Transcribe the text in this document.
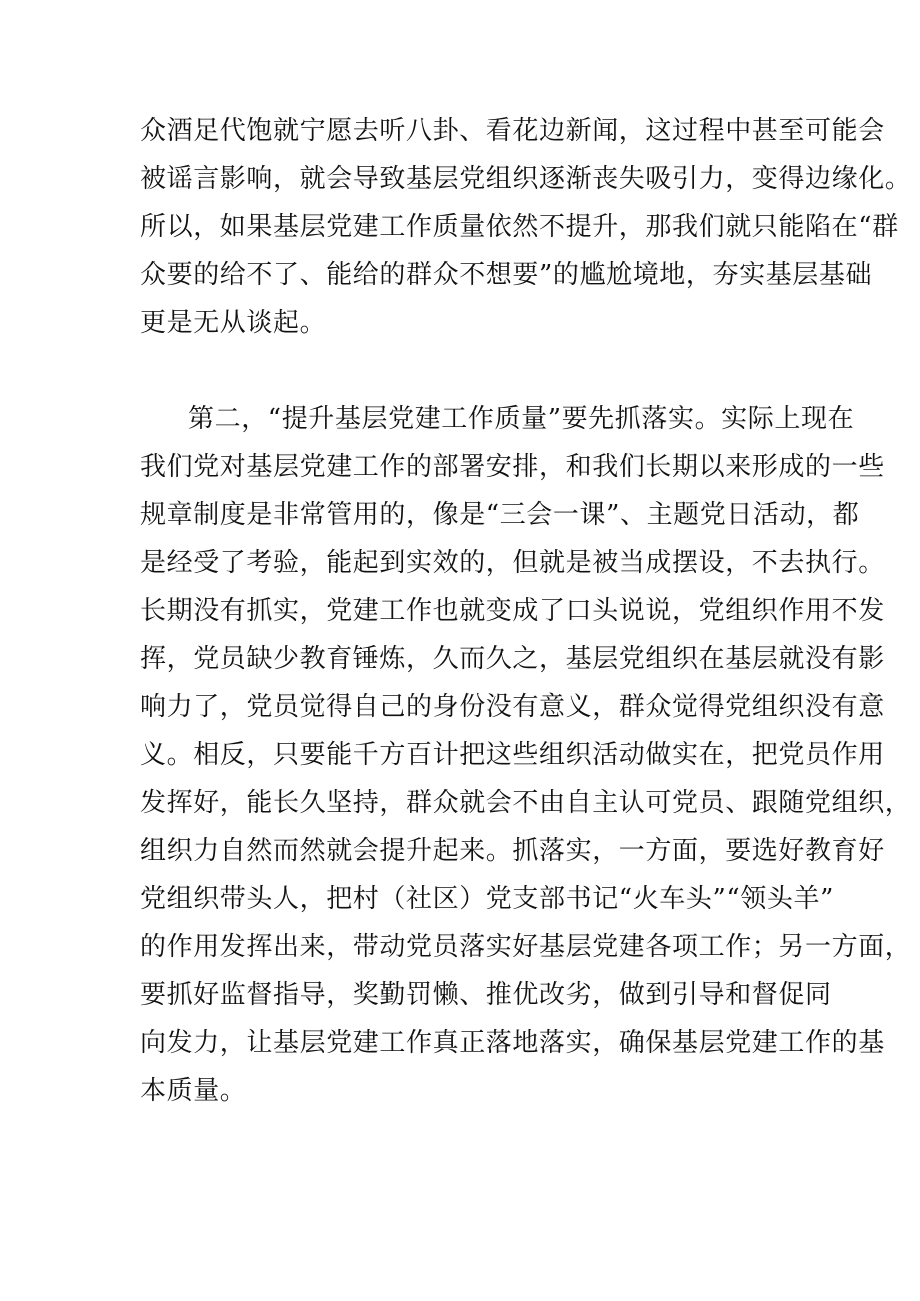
众酒足代饱就宁愿去听八卦、看花边新闻，这过程中甚至可能会
被谣言影响，就会导致基层党组织逐渐丧失吸引力，变得边缘化。
所以，如果基层党建工作质量依然不提升，那我们就只能陷在“群
众要的给不了、能给的群众不想要”的尴尬境地，夯实基层基础
更是无从谈起。
第二，“提升基层党建工作质量”要先抓落实。实际上现在
我们党对基层党建工作的部署安排，和我们长期以来形成的一些
规章制度是非常管用的，像是“三会一课”、主题党日活动，都
是经受了考验，能起到实效的，但就是被当成摆设，不去执行。
长期没有抓实，党建工作也就变成了口头说说，党组织作用不发
挥，党员缺少教育锤炼，久而久之，基层党组织在基层就没有影
响力了，党员觉得自己的身份没有意义，群众觉得党组织没有意
义。相反，只要能千方百计把这些组织活动做实在，把党员作用
发挥好，能长久坚持，群众就会不由自主认可党员、跟随党组织，
组织力自然而然就会提升起来。抓落实，一方面，要选好教育好
党组织带头人，把村（社区）党支部书记“火车头”“领头羊”
的作用发挥出来，带动党员落实好基层党建各项工作；另一方面，
要抓好监督指导，奖勤罚懒、推优改劣，做到引导和督促同
向发力，让基层党建工作真正落地落实，确保基层党建工作的基
本质量。
